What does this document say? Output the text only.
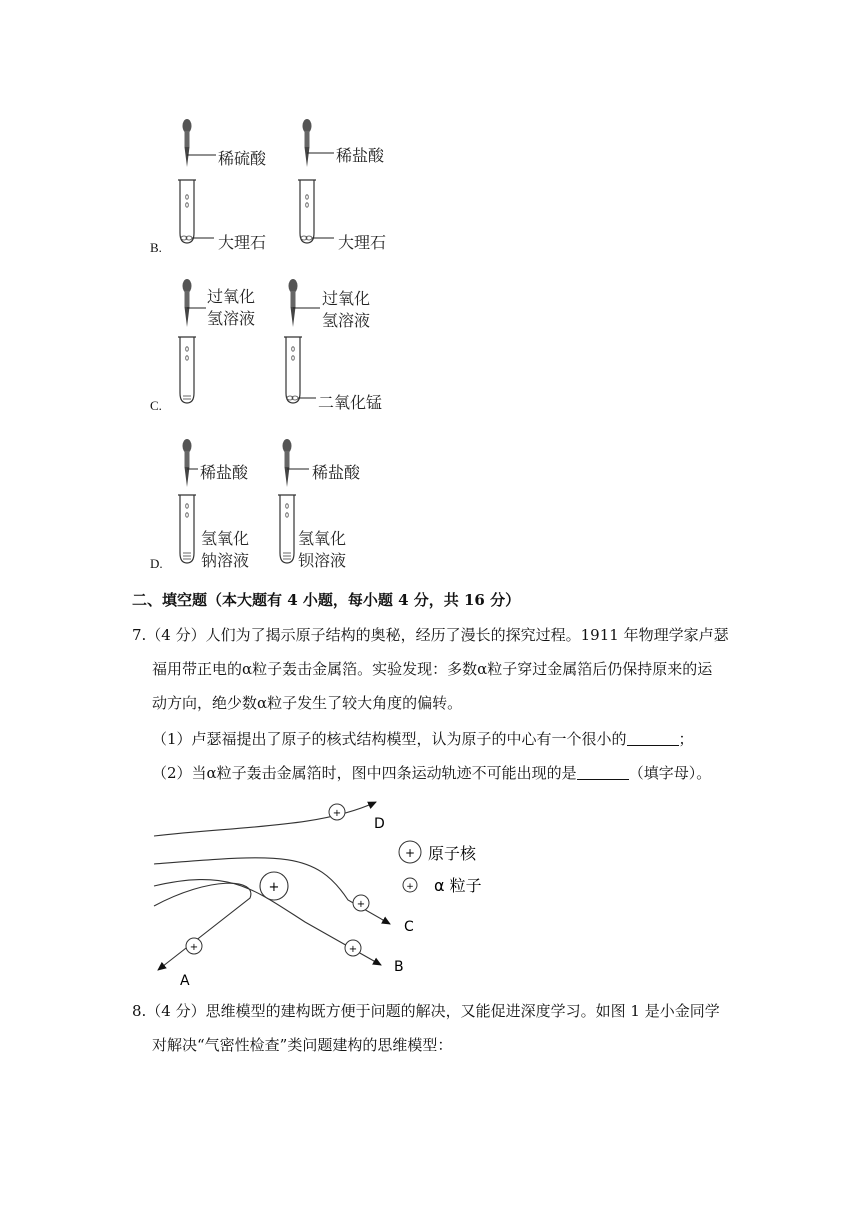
B.
稀硫酸
大理石
稀盐酸
大理石
C.
过氧化
氢溶液
过氧化
氢溶液
二氧化锰
D.
稀盐酸
氢氧化
钠溶液
稀盐酸
氢氧化
钡溶液
二、填空题（本大题有 4 小题，每小题 4 分，共 16 分）
7.（4 分）人们为了揭示原子结构的奥秘，经历了漫长的探究过程。1911 年物理学家卢瑟
福用带正电的α粒子轰击金属箔。实验发现：多数α粒子穿过金属箔后仍保持原来的运
动方向，绝少数α粒子发生了较大角度的偏转。
（1）卢瑟福提出了原子的核式结构模型，认为原子的中心有一个很小的	；
（2）当α粒子轰击金属箔时，图中四条运动轨迹不可能出现的是	（填字母）。
+
+
+
+
+
D
C
B
A
+ 原子核
+ α 粒子
8.（4 分）思维模型的建构既方便于问题的解决，又能促进深度学习。如图 1 是小金同学
对解决“气密性检查”类问题建构的思维模型：
